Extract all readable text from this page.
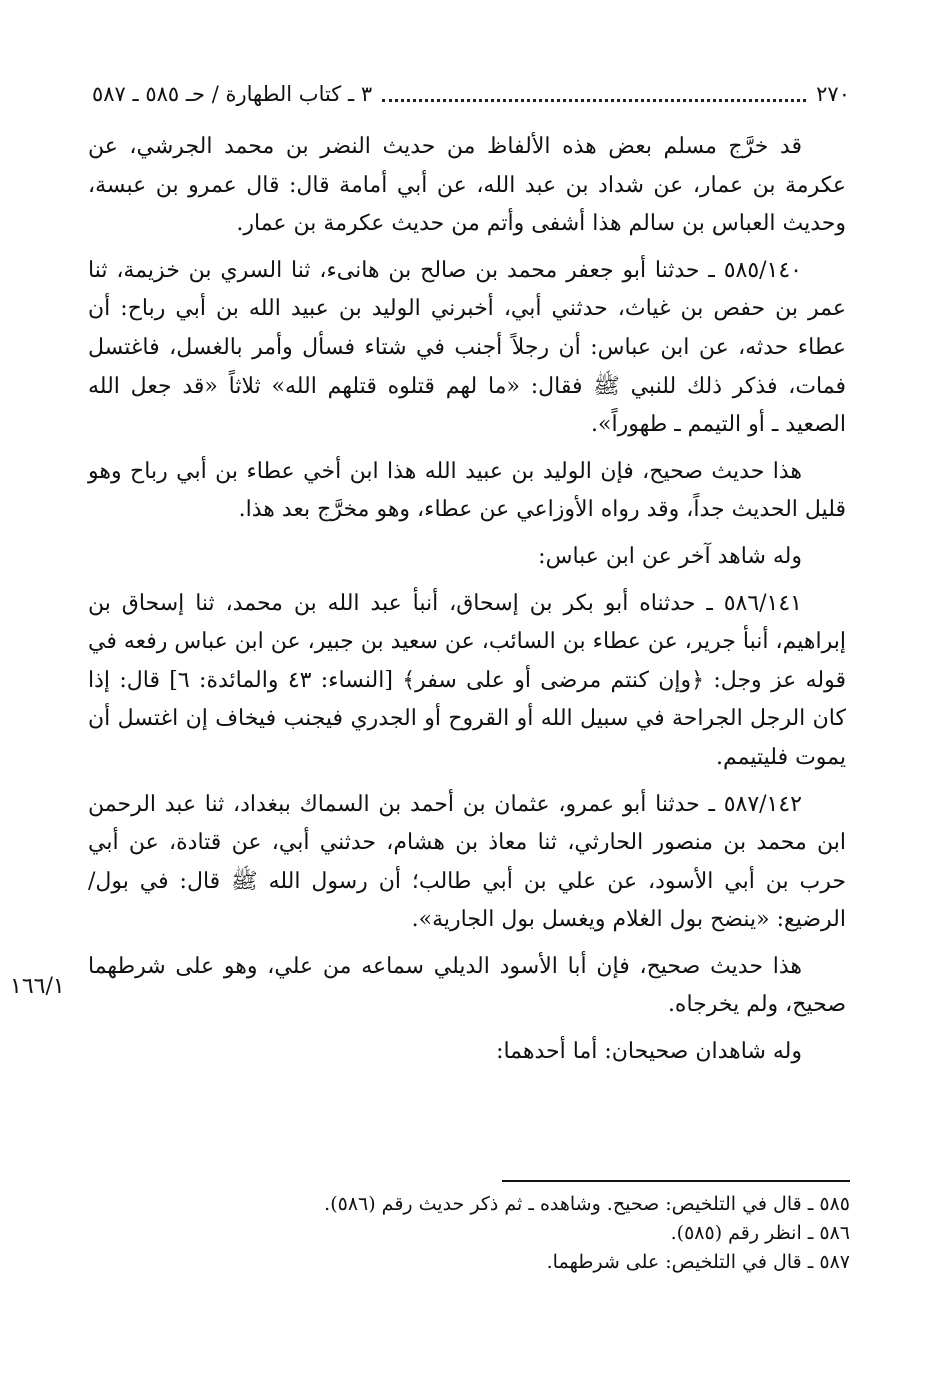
٢٧٠
٣ ـ كتاب الطهارة / حـ ٥٨٥ ـ ٥٨٧

قد خرَّج مسلم بعض هذه الألفاظ من حديث النضر بن محمد الجرشي، عن عكرمة بن عمار، عن شداد بن عبد الله، عن أبي أمامة قال: قال عمرو بن عبسة، وحديث العباس بن سالم هذا أشفى وأتم من حديث عكرمة بن عمار.

٥٨٥/١٤٠ ـ حدثنا أبو جعفر محمد بن صالح بن هانىء، ثنا السري بن خزيمة، ثنا عمر بن حفص بن غياث، حدثني أبي، أخبرني الوليد بن عبيد الله بن أبي رباح: أن عطاء حدثه، عن ابن عباس: أن رجلاً أجنب في شتاء فسأل وأمر بالغسل، فاغتسل فمات، فذكر ذلك للنبي ﷺ فقال: «ما لهم قتلوه قتلهم الله» ثلاثاً «قد جعل الله الصعيد ـ أو التيمم ـ طهوراً».

هذا حديث صحيح، فإن الوليد بن عبيد الله هذا ابن أخي عطاء بن أبي رباح وهو قليل الحديث جداً، وقد رواه الأوزاعي عن عطاء، وهو مخرَّج بعد هذا.

وله شاهد آخر عن ابن عباس:

٥٨٦/١٤١ ـ حدثناه أبو بكر بن إسحاق، أنبأ عبد الله بن محمد، ثنا إسحاق بن إبراهيم، أنبأ جرير، عن عطاء بن السائب، عن سعيد بن جبير، عن ابن عباس رفعه في قوله عز وجل: ﴿وإن كنتم مرضى أو على سفر﴾ [النساء: ٤٣ والمائدة: ٦] قال: إذا كان الرجل الجراحة في سبيل الله أو القروح أو الجدري فيجنب فيخاف إن اغتسل أن يموت فليتيمم.

٥٨٧/١٤٢ ـ حدثنا أبو عمرو، عثمان بن أحمد بن السماك ببغداد، ثنا عبد الرحمن ابن محمد بن منصور الحارثي، ثنا معاذ بن هشام، حدثني أبي، عن قتادة، عن أبي حرب بن أبي الأسود، عن علي بن أبي طالب؛ أن رسول الله ﷺ قال: في بول/ الرضيع: «ينضح بول الغلام ويغسل بول الجارية».

هذا حديث صحيح، فإن أبا الأسود الديلي سماعه من علي، وهو على شرطهما صحيح، ولم يخرجاه.

وله شاهدان صحيحان: أما أحدهما:

١٦٦/١
٥٨٥ ـ قال في التلخيص: صحيح. وشاهده ـ ثم ذكر حديث رقم (٥٨٦).
٥٨٦ ـ انظر رقم (٥٨٥).
٥٨٧ ـ قال في التلخيص: على شرطهما.
